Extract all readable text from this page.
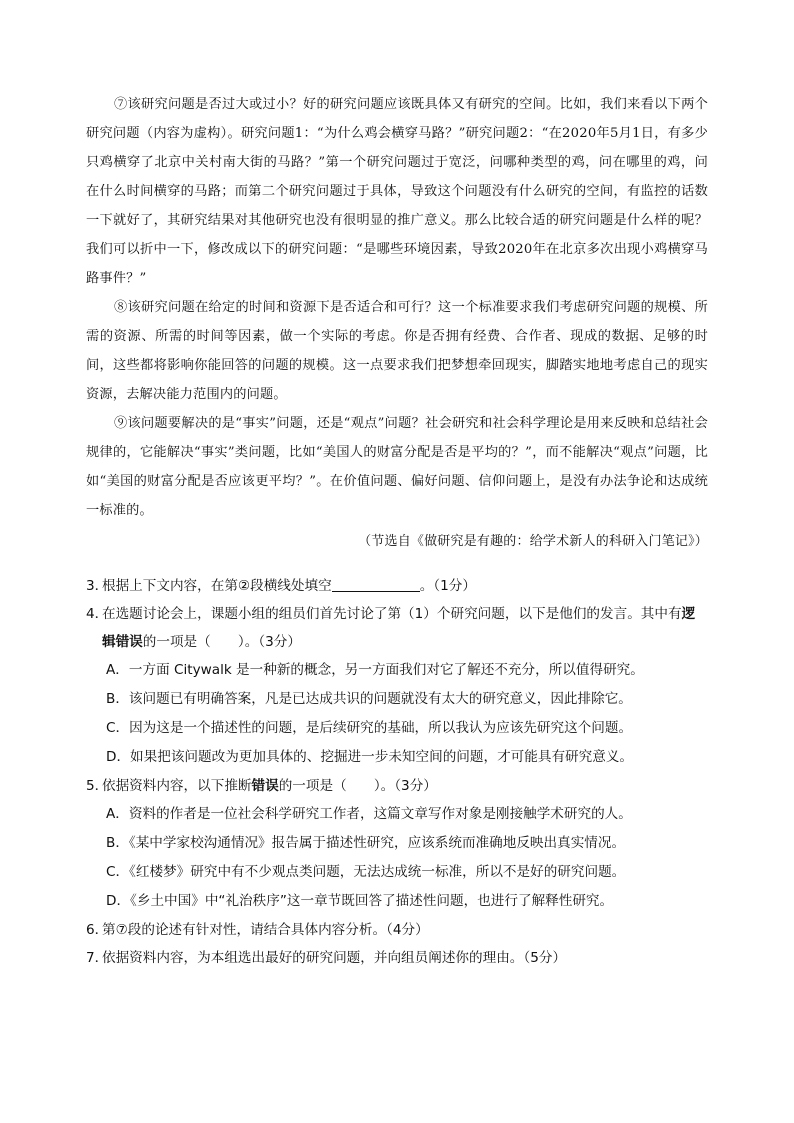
⑦该研究问题是否过大或过小？好的研究问题应该既具体又有研究的空间。比如，我们来看以下两个研究问题（内容为虚构）。研究问题1：“为什么鸡会横穿马路？”研究问题2：“在2020年5月1日，有多少只鸡横穿了北京中关村南大街的马路？”第一个研究问题过于宽泛，问哪种类型的鸡，问在哪里的鸡，问在什么时间横穿的马路；而第二个研究问题过于具体，导致这个问题没有什么研究的空间，有监控的话数一下就好了，其研究结果对其他研究也没有很明显的推广意义。那么比较合适的研究问题是什么样的呢？我们可以折中一下，修改成以下的研究问题：“是哪些环境因素，导致2020年在北京多次出现小鸡横穿马路事件？”

⑧该研究问题在给定的时间和资源下是否适合和可行？这一个标准要求我们考虑研究问题的规模、所需的资源、所需的时间等因素，做一个实际的考虑。你是否拥有经费、合作者、现成的数据、足够的时间，这些都将影响你能回答的问题的规模。这一点要求我们把梦想牵回现实，脚踏实地地考虑自己的现实资源，去解决能力范围内的问题。

⑨该问题要解决的是“事实”问题，还是“观点”问题？社会研究和社会科学理论是用来反映和总结社会规律的，它能解决“事实”类问题，比如“美国人的财富分配是否是平均的？”，而不能解决“观点”问题，比如“美国的财富分配是否应该更平均？”。在价值问题、偏好问题、信仰问题上，是没有办法争论和达成统一标准的。

（节选自《做研究是有趣的：给学术新人的科研入门笔记》）
3．根据上下文内容，在第②段横线处填空	。（1分）
4．在选题讨论会上，课题小组的组员们首先讨论了第（1）个研究问题，以下是他们的发言。其中有逻
辑错误的一项是（　　）。（3分）
A．一方面 Citywalk 是一种新的概念，另一方面我们对它了解还不充分，所以值得研究。
B．该问题已有明确答案，凡是已达成共识的问题就没有太大的研究意义，因此排除它。
C．因为这是一个描述性的问题，是后续研究的基础，所以我认为应该先研究这个问题。
D．如果把该问题改为更加具体的、挖掘进一步未知空间的问题，才可能具有研究意义。
5．依据资料内容，以下推断错误的一项是（　　）。（3分）
A．资料的作者是一位社会科学研究工作者，这篇文章写作对象是刚接触学术研究的人。
B．《某中学家校沟通情况》报告属于描述性研究，应该系统而准确地反映出真实情况。
C．《红楼梦》研究中有不少观点类问题，无法达成统一标准，所以不是好的研究问题。
D．《乡土中国》中“礼治秩序”这一章节既回答了描述性问题，也进行了解释性研究。
6．第⑦段的论述有针对性，请结合具体内容分析。（4分）
7．依据资料内容，为本组选出最好的研究问题，并向组员阐述你的理由。（5分）
